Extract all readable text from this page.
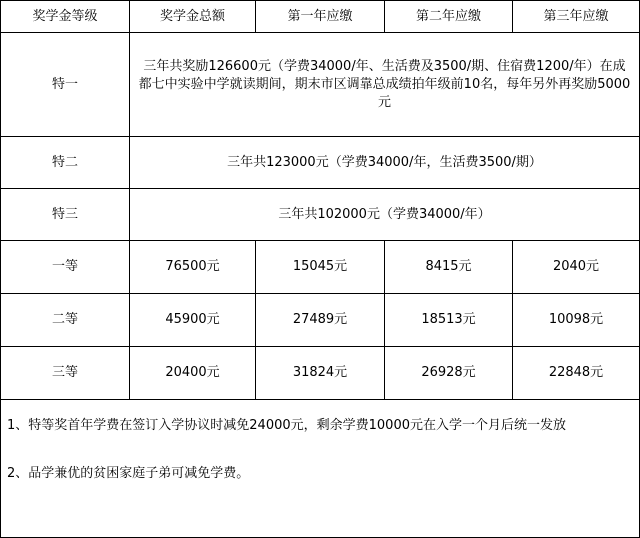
奖学金等级	奖学金总额	第一年应缴	第二年应缴	第三年应缴
特一	三年共奖励126600元（学费34000/年、生活费及3500/期、住宿费1200/年）在成都七中实验中学就读期间，期末市区调靠总成绩拍年级前10名，每年另外再奖励5000元			

特二	三年共123000元（学费34000/年，生活费3500/期）			
特三	三年共102000元（学费34000/年）			
一等	76500元	15045元	8415元	2040元
二等	45900元	27489元	18513元	10098元
三等	20400元	31824元	26928元	22848元

1、特等奖首年学费在签订入学协议时减免24000元，剩余学费10000元在入学一个月后统一发放
2、品学兼优的贫困家庭子弟可减免学费。				
